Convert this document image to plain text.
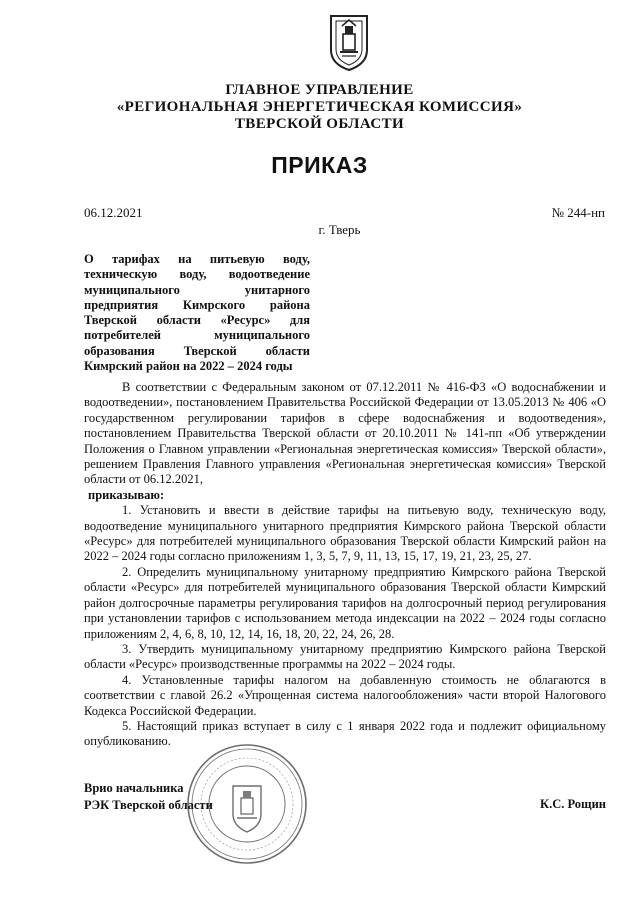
ГЛАВНОЕ УПРАВЛЕНИЕ
«РЕГИОНАЛЬНАЯ ЭНЕРГЕТИЧЕСКАЯ КОМИССИЯ»
ТВЕРСКОЙ ОБЛАСТИ
ПРИКАЗ
06.12.2021	№ 244-нп
г. Тверь
О тарифах на питьевую воду, техническую воду, водоотведение муниципального унитарного предприятия Кимрского района Тверской области «Ресурс» для потребителей муниципального образования Тверской области Кимрский район на 2022 – 2024 годы

В соответствии с Федеральным законом от 07.12.2011 № 416-ФЗ «О водоснабжении и водоотведении», постановлением Правительства Российской Федерации от 13.05.2013 № 406 «О государственном регулировании тарифов в сфере водоснабжения и водоотведения», постановлением Правительства Тверской области от 20.10.2011 № 141-пп «Об утверждении Положения о Главном управлении «Региональная энергетическая комиссия» Тверской области», решением Правления Главного управления «Региональная энергетическая комиссия» Тверской области от 06.12.2021,

приказываю:

1. Установить и ввести в действие тарифы на питьевую воду, техническую воду, водоотведение муниципального унитарного предприятия Кимрского района Тверской области «Ресурс» для потребителей муниципального образования Тверской области Кимрский район на 2022 – 2024 годы согласно приложениям 1, 3, 5, 7, 9, 11, 13, 15, 17, 19, 21, 23, 25, 27.

2. Определить муниципальному унитарному предприятию Кимрского района Тверской области «Ресурс» для потребителей муниципального образования Тверской области Кимрский район долгосрочные параметры регулирования тарифов на долгосрочный период регулирования при установлении тарифов с использованием метода индексации на 2022 – 2024 годы согласно приложениям 2, 4, 6, 8, 10, 12, 14, 16, 18, 20, 22, 24, 26, 28.

3. Утвердить муниципальному унитарному предприятию Кимрского района Тверской области «Ресурс» производственные программы на 2022 – 2024 годы.

4. Установленные тарифы налогом на добавленную стоимость не облагаются в соответствии с главой 26.2 «Упрощенная система налогообложения» части второй Налогового Кодекса Российской Федерации.

5. Настоящий приказ вступает в силу с 1 января 2022 года и подлежит официальному опубликованию.

Врио начальника
РЭК Тверской области	К.С. Рощин
